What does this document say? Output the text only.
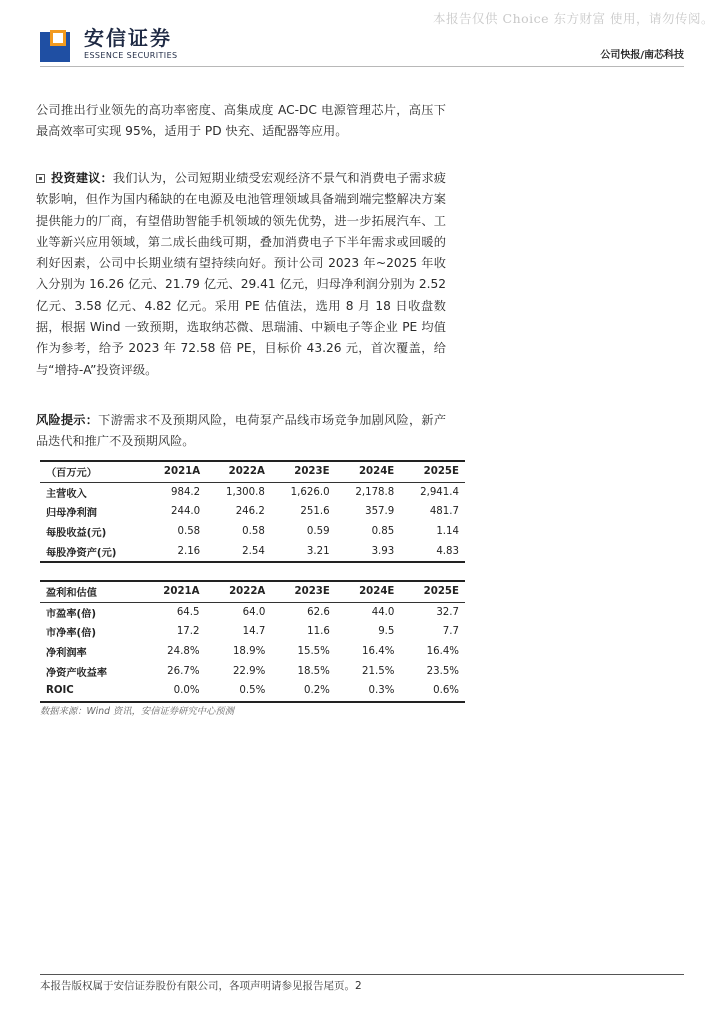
本报告仅供 Choice 东方财富 使用，请勿传阅。
安信证券
ESSENCE SECURITIES	公司快报/南芯科技

公司推出行业领先的高功率密度、高集成度 AC-DC 电源管理芯片，高压下最高效率可实现 95%，适用于 PD 快充、适配器等应用。

投资建议：我们认为，公司短期业绩受宏观经济不景气和消费电子需求疲软影响，但作为国内稀缺的在电源及电池管理领域具备端到端完整解决方案提供能力的厂商，有望借助智能手机领域的领先优势，进一步拓展汽车、工业等新兴应用领域，第二成长曲线可期，叠加消费电子下半年需求或回暖的利好因素，公司中长期业绩有望持续向好。预计公司 2023 年~2025 年收入分别为 16.26 亿元、21.79 亿元、29.41 亿元，归母净利润分别为 2.52 亿元、3.58 亿元、4.82 亿元。采用 PE 估值法，选用 8 月 18 日收盘数据，根据 Wind 一致预期，选取纳芯微、思瑞浦、中颖电子等企业 PE 均值作为参考，给予 2023 年 72.58 倍 PE，目标价 43.26 元，首次覆盖，给与“增持-A”投资评级。

风险提示：下游需求不及预期风险，电荷泵产品线市场竞争加剧风险，新产品迭代和推广不及预期风险。

（百万元）	2021A	2022A	2023E	2024E	2025E
主营收入	984.2	1,300.8	1,626.0	2,178.8	2,941.4
归母净利润	244.0	246.2	251.6	357.9	481.7
每股收益(元)	0.58	0.58	0.59	0.85	1.14
每股净资产(元)	2.16	2.54	3.21	3.93	4.83
盈利和估值	2021A	2022A	2023E	2024E	2025E
市盈率(倍)	64.5	64.0	62.6	44.0	32.7
市净率(倍)	17.2	14.7	11.6	9.5	7.7
净利润率	24.8%	18.9%	15.5%	16.4%	16.4%
净资产收益率	26.7%	22.9%	18.5%	21.5%	23.5%
ROIC	0.0%	0.5%	0.2%	0.3%	0.6%
数据来源：Wind 资讯，安信证券研究中心预测
本报告版权属于安信证券股份有限公司，各项声明请参见报告尾页。2
